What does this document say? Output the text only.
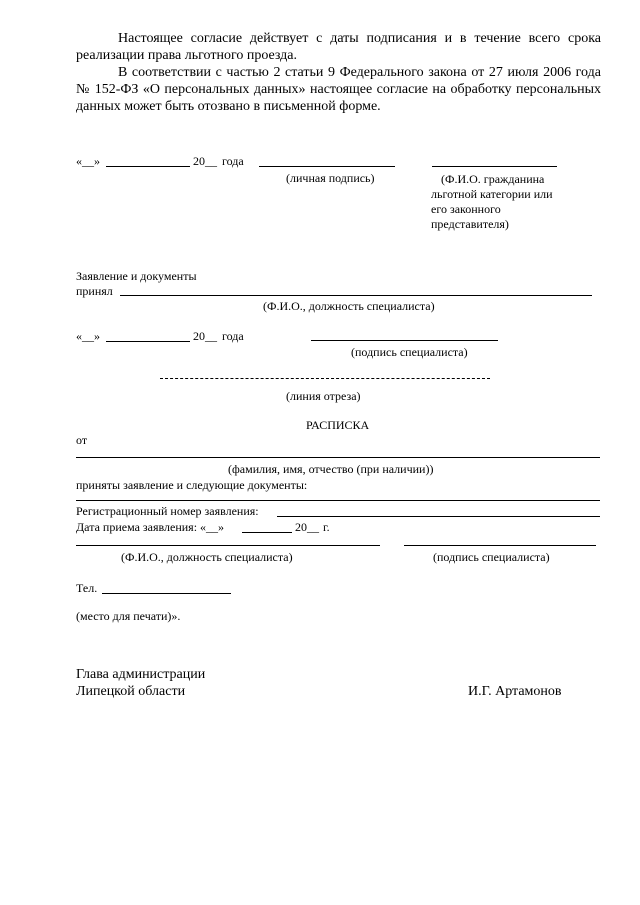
Настоящее согласие действует с даты подписания и в течение всего срока реализации права льготного проезда.

В соответствии с частью 2 статьи 9 Федерального закона от 27 июля 2006 года № 152-ФЗ «О персональных данных» настоящее согласие на обработку персональных данных может быть отозвано в письменной форме.

«__»	20__ года
(личная подпись)	(Ф.И.О. гражданина
льготной категории или
его законного
представителя)
Заявление и документы
принял
(Ф.И.О., должность специалиста)
«__»	20__ года
(подпись специалиста)
(линия отреза)
РАСПИСКА
от
(фамилия, имя, отчество (при наличии))
приняты заявление и следующие документы:
Регистрационный номер заявления:
Дата приема заявления: «__»	20__ г.
(Ф.И.О., должность специалиста)	(подпись специалиста)
Тел.
(место для печати)».
Глава администрации
Липецкой области	И.Г. Артамонов
